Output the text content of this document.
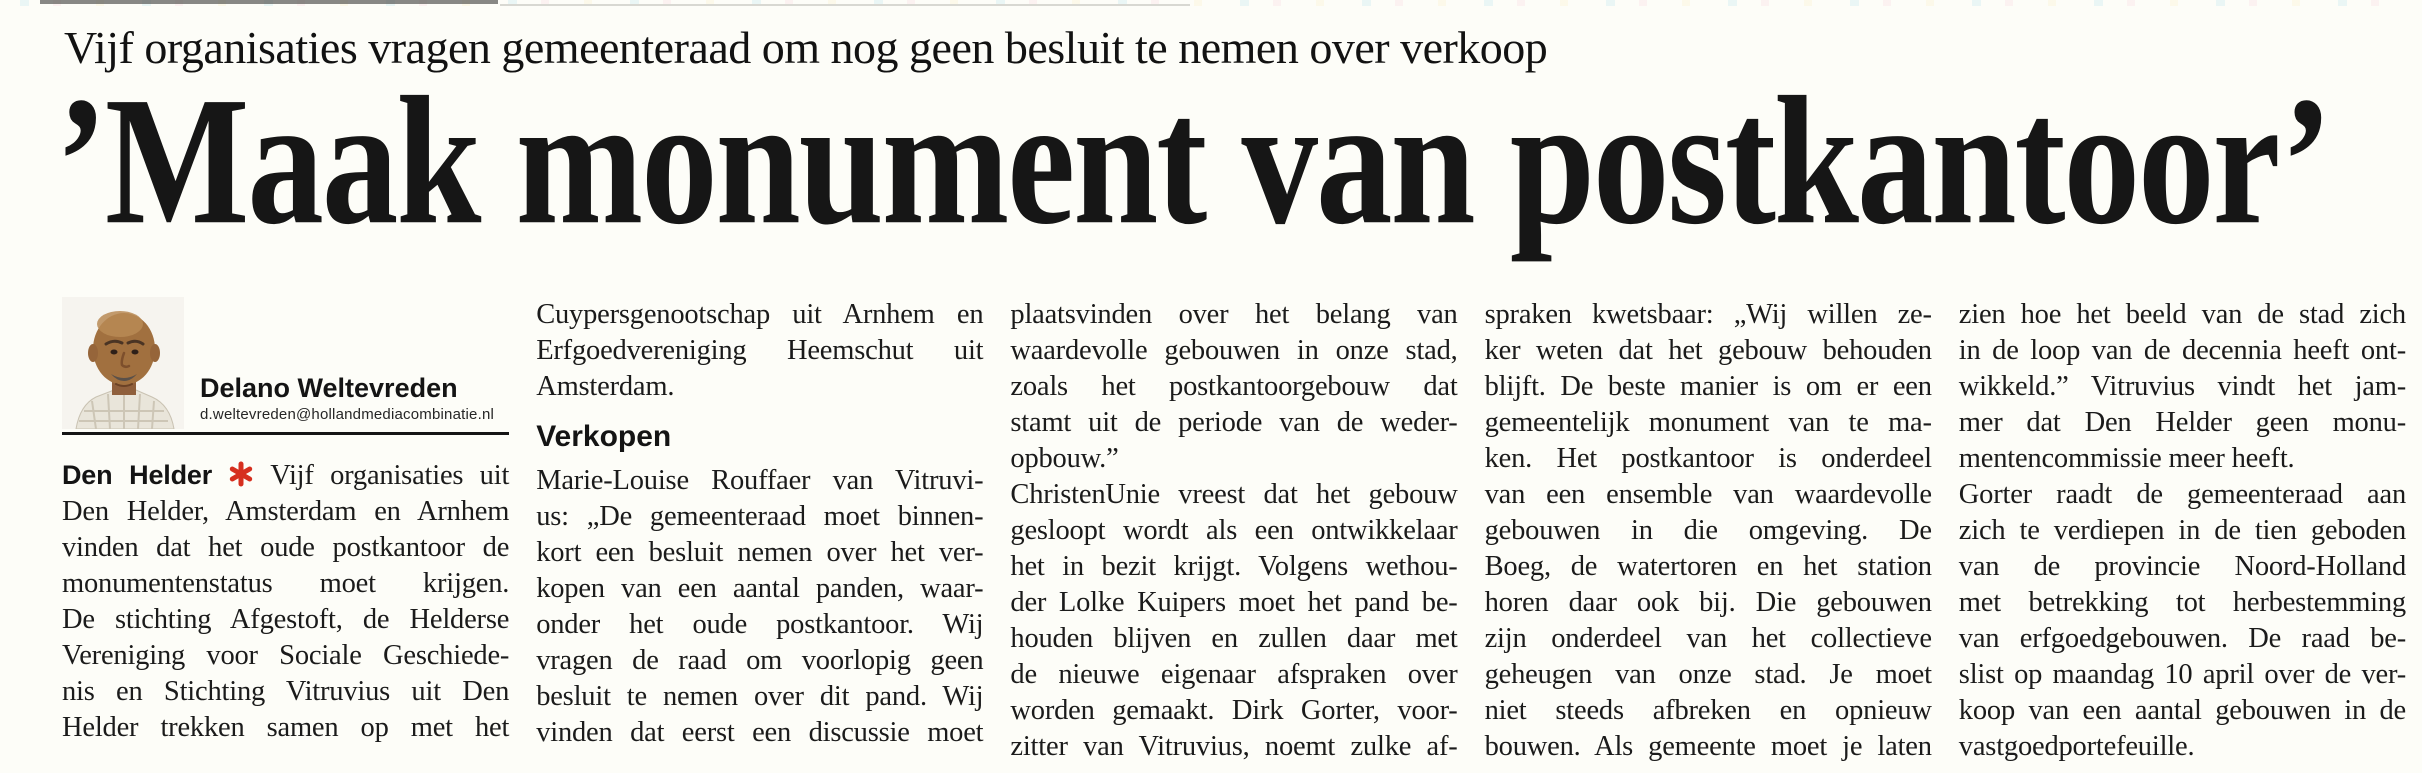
Vijf organisaties vragen gemeenteraad om nog geen besluit te nemen over verkoop
’Maak monument van postkantoor’
Delano Weltevreden
d.weltevreden@hollandmediacombinatie.nl
Den Helder Vijf organisaties uit
Den Helder, Amsterdam en Arnhem
vinden dat het oude postkantoor de
monumentenstatus moet krijgen.
De stichting Afgestoft, de Helderse
Vereniging voor Sociale Geschiede-
nis en Stichting Vitruvius uit Den
Helder trekken samen op met het
Cuypersgenootschap uit Arnhem en
Erfgoedvereniging Heemschut uit
Amsterdam.
Verkopen
Marie-Louise Rouffaer van Vitruvi-
us: „De gemeenteraad moet binnen-
kort een besluit nemen over het ver-
kopen van een aantal panden, waar-
onder het oude postkantoor. Wij
vragen de raad om voorlopig geen
besluit te nemen over dit pand. Wij
vinden dat eerst een discussie moet
plaatsvinden over het belang van
waardevolle gebouwen in onze stad,
zoals het postkantoorgebouw dat
stamt uit de periode van de weder-
opbouw.”
ChristenUnie vreest dat het gebouw
gesloopt wordt als een ontwikkelaar
het in bezit krijgt. Volgens wethou-
der Lolke Kuipers moet het pand be-
houden blijven en zullen daar met
de nieuwe eigenaar afspraken over
worden gemaakt. Dirk Gorter, voor-
zitter van Vitruvius, noemt zulke af-
spraken kwetsbaar: „Wij willen ze-
ker weten dat het gebouw behouden
blijft. De beste manier is om er een
gemeentelijk monument van te ma-
ken. Het postkantoor is onderdeel
van een ensemble van waardevolle
gebouwen in die omgeving. De
Boeg, de watertoren en het station
horen daar ook bij. Die gebouwen
zijn onderdeel van het collectieve
geheugen van onze stad. Je moet
niet steeds afbreken en opnieuw
bouwen. Als gemeente moet je laten
zien hoe het beeld van de stad zich
in de loop van de decennia heeft ont-
wikkeld.” Vitruvius vindt het jam-
mer dat Den Helder geen monu-
mentencommissie meer heeft.
Gorter raadt de gemeenteraad aan
zich te verdiepen in de tien geboden
van de provincie Noord-Holland
met betrekking tot herbestemming
van erfgoedgebouwen. De raad be-
slist op maandag 10 april over de ver-
koop van een aantal gebouwen in de
vastgoedportefeuille.
